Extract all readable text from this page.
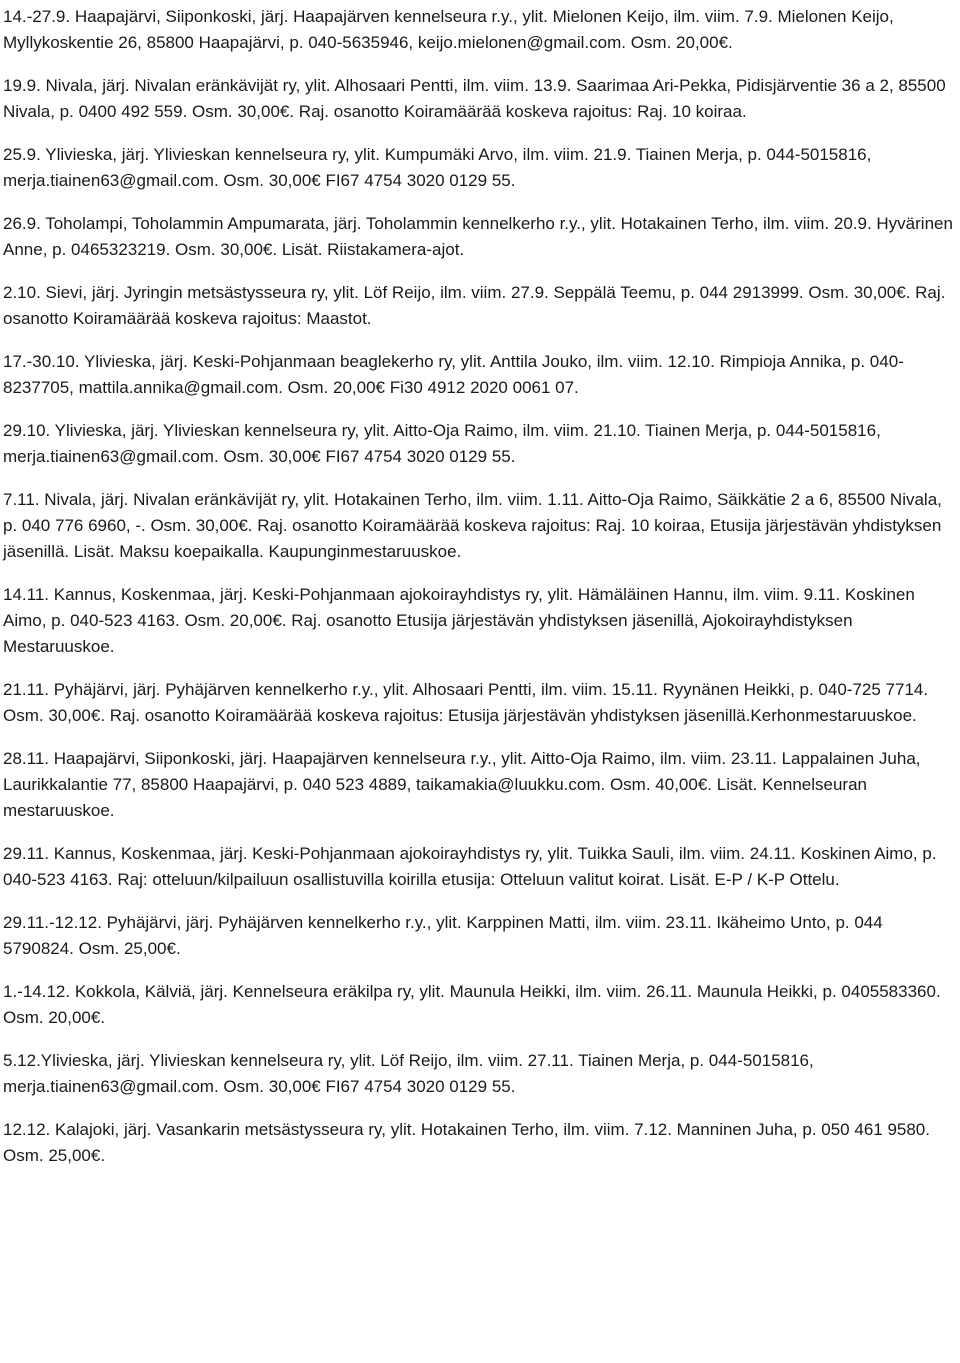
14.-27.9. Haapajärvi, Siiponkoski, järj. Haapajärven kennelseura r.y., ylit. Mielonen Keijo, ilm. viim. 7.9. Mielonen Keijo, Myllykoskentie 26, 85800 Haapajärvi, p. 040-5635946, keijo.mielonen@gmail.com. Osm. 20,00€.

19.9. Nivala, järj. Nivalan eränkävijät ry, ylit. Alhosaari Pentti, ilm. viim. 13.9. Saarimaa Ari-Pekka, Pidisjärventie 36 a 2, 85500 Nivala, p. 0400 492 559. Osm. 30,00€. Raj. osanotto Koiramäärää koskeva rajoitus: Raj. 10 koiraa.

25.9. Ylivieska, järj. Ylivieskan kennelseura ry, ylit. Kumpumäki Arvo, ilm. viim. 21.9. Tiainen Merja, p. 044-5015816, merja.tiainen63@gmail.com. Osm. 30,00€ FI67 4754 3020 0129 55.

26.9. Toholampi, Toholammin Ampumarata, järj. Toholammin kennelkerho r.y., ylit. Hotakainen Terho, ilm. viim. 20.9. Hyvärinen Anne, p. 0465323219. Osm. 30,00€. Lisät. Riistakamera-ajot.

2.10. Sievi, järj. Jyringin metsästysseura ry, ylit. Löf Reijo, ilm. viim. 27.9. Seppälä Teemu, p. 044 2913999. Osm. 30,00€. Raj. osanotto Koiramäärää koskeva rajoitus: Maastot.

17.-30.10. Ylivieska, järj. Keski-Pohjanmaan beaglekerho ry, ylit. Anttila Jouko, ilm. viim. 12.10. Rimpioja Annika, p. 040-8237705, mattila.annika@gmail.com. Osm. 20,00€ Fi30 4912 2020 0061 07.

29.10. Ylivieska, järj. Ylivieskan kennelseura ry, ylit. Aitto-Oja Raimo, ilm. viim. 21.10. Tiainen Merja, p. 044-5015816, merja.tiainen63@gmail.com. Osm. 30,00€ FI67 4754 3020 0129 55.

7.11. Nivala, järj. Nivalan eränkävijät ry, ylit. Hotakainen Terho, ilm. viim. 1.11. Aitto-Oja Raimo, Säikkätie 2 a 6, 85500 Nivala, p. 040 776 6960, -. Osm. 30,00€. Raj. osanotto Koiramäärää koskeva rajoitus: Raj. 10 koiraa, Etusija järjestävän yhdistyksen jäsenillä. Lisät. Maksu koepaikalla. Kaupunginmestaruuskoe.

14.11. Kannus, Koskenmaa, järj. Keski-Pohjanmaan ajokoirayhdistys ry, ylit. Hämäläinen Hannu, ilm. viim. 9.11. Koskinen Aimo, p. 040-523 4163. Osm. 20,00€. Raj. osanotto Etusija järjestävän yhdistyksen jäsenillä, Ajokoirayhdistyksen Mestaruuskoe.

21.11. Pyhäjärvi, järj. Pyhäjärven kennelkerho r.y., ylit. Alhosaari Pentti, ilm. viim. 15.11. Ryynänen Heikki, p. 040-725 7714. Osm. 30,00€. Raj. osanotto Koiramäärää koskeva rajoitus: Etusija järjestävän yhdistyksen jäsenillä.Kerhonmestaruuskoe.

28.11. Haapajärvi, Siiponkoski, järj. Haapajärven kennelseura r.y., ylit. Aitto-Oja Raimo, ilm. viim. 23.11. Lappalainen Juha, Laurikkalantie 77, 85800 Haapajärvi, p. 040 523 4889, taikamakia@luukku.com. Osm. 40,00€. Lisät. Kennelseuran mestaruuskoe.

29.11. Kannus, Koskenmaa, järj. Keski-Pohjanmaan ajokoirayhdistys ry, ylit. Tuikka Sauli, ilm. viim. 24.11. Koskinen Aimo, p. 040-523 4163. Raj: otteluun/kilpailuun osallistuvilla koirilla etusija: Otteluun valitut koirat. Lisät. E-P / K-P Ottelu.

29.11.-12.12. Pyhäjärvi, järj. Pyhäjärven kennelkerho r.y., ylit. Karppinen Matti, ilm. viim. 23.11. Ikäheimo Unto, p. 044 5790824. Osm. 25,00€.

1.-14.12. Kokkola, Kälviä, järj. Kennelseura eräkilpa ry, ylit. Maunula Heikki, ilm. viim. 26.11. Maunula Heikki, p. 0405583360. Osm. 20,00€.

5.12.Ylivieska, järj. Ylivieskan kennelseura ry, ylit. Löf Reijo, ilm. viim. 27.11. Tiainen Merja, p. 044-5015816, merja.tiainen63@gmail.com. Osm. 30,00€ FI67 4754 3020 0129 55.

12.12. Kalajoki, järj. Vasankarin metsästysseura ry, ylit. Hotakainen Terho, ilm. viim. 7.12. Manninen Juha, p. 050 461 9580. Osm. 25,00€.
